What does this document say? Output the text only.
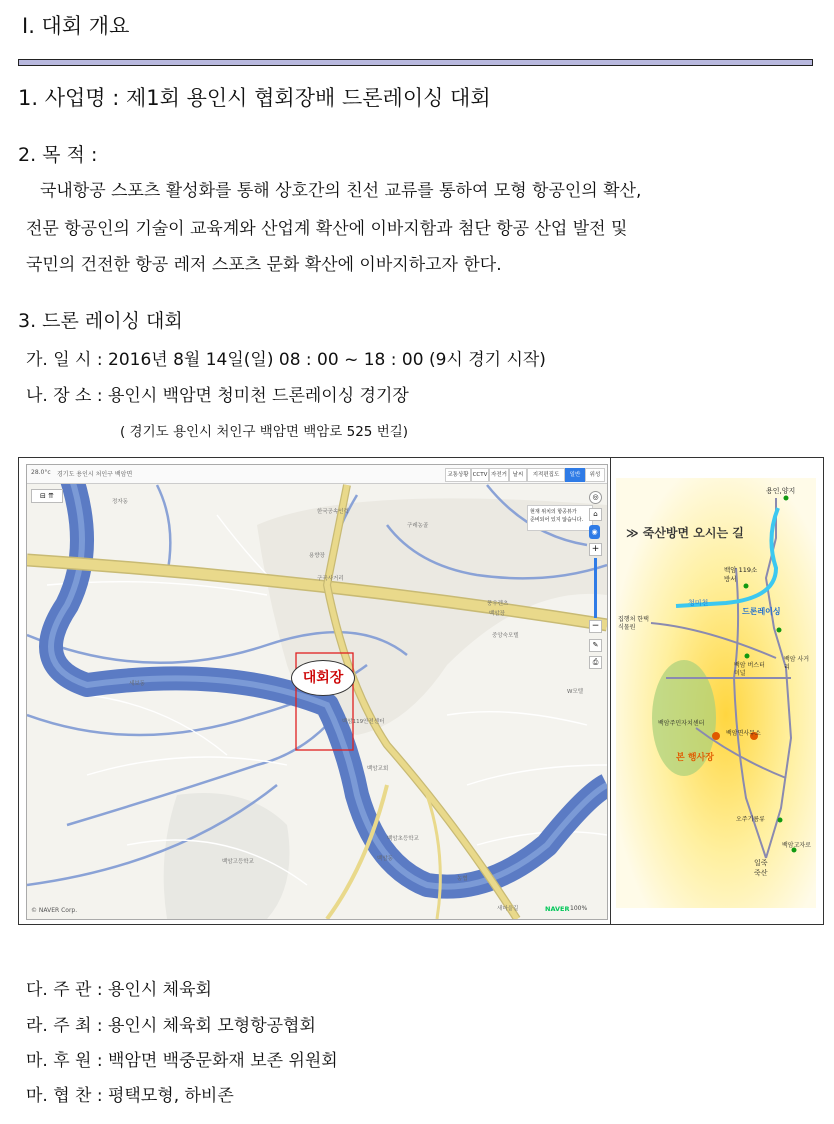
Ⅰ. 대회 개요
1. 사업명 : 제1회 용인시 협회장배 드론레이싱 대회
2. 목 적 :
국내항공 스포츠 활성화를 통해 상호간의 친선 교류를 통하여 모형 항공인의 확산,
전문 항공인의 기술이 교육계와 산업계 확산에 이바지함과 첨단 항공 산업 발전 및
국민의 건전한 항공 레저 스포츠 문화 확산에 이바지하고자 한다.
3. 드론 레이싱 대회
가. 일 시 : 2016년 8월 14일(일) 08 : 00 ~ 18 : 00 (9시 경기 시작)
나. 장 소 : 용인시 백암면 청미천 드론레이싱 경기장
( 경기도 용인시 처인구 백암면 백암로 525 번길)
정자동
한국공속인력
구레농골
용향장
구곡사거리
풍우렌츠
백암장
중앙숙모텔
세보동
백암119안전센터
백암교회
W모텔
백암초등학교
백암고등학교	백암동
농협
새마을길
28.0°c 경기도 용인시 처인구 백암면	교통상황 CCTV 자전거	날씨	지적편집도	일반	위성
⊟ ⇈
현재 위치의 항공뷰가
준비되어 있지 않습니다.
◎
⌂
◉
+
−
✎
⎙
대회장
© NAVER Corp.	NAVER 100%
≫ 죽산방면 오시는 길
용인,양지
백암 119소방서
청미천
드론레이싱
집행처 한택식물원
백암 버스터미널
백암 사거리
백암주민자치센터
백암면사무소
본 행사장
오주기름류
백암고자로
일죽 죽산
다. 주 관 : 용인시 체육회
라. 주 최 : 용인시 체육회 모형항공협회
마. 후 원 : 백암면 백중문화재 보존 위원회
마. 협 찬 : 평택모형, 하비존
